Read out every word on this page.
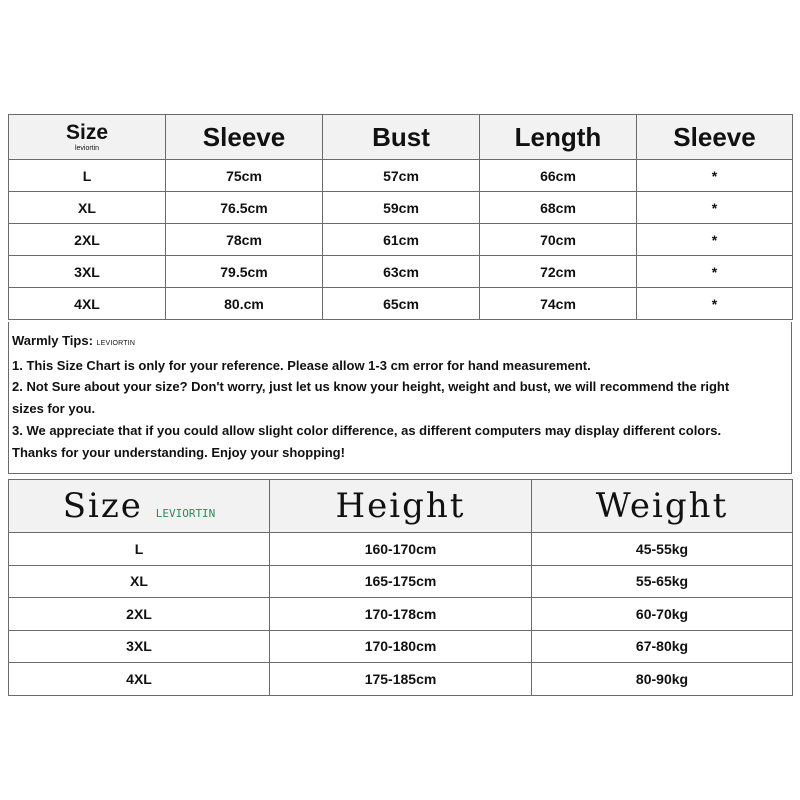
Size
leviortin	Sleeve	Bust	Length	Sleeve
L	75cm	57cm	66cm	*
XL	76.5cm	59cm	68cm	*
2XL	78cm	61cm	70cm	*
3XL	79.5cm	63cm	72cm	*
4XL	80.cm	65cm	74cm	*
Warmly Tips: LEVIORTIN
1. This Size Chart is only for your reference. Please allow 1-3 cm error for hand measurement.
2. Not Sure about your size? Don't worry, just let us know your height, weight and bust, we will recommend the right
sizes for you.
3. We appreciate that if you could allow slight color difference, as different computers may display different colors.
Thanks for your understanding. Enjoy your shopping!
Size LEVIORTIN	Height	Weight
L	160-170cm	45-55kg
XL	165-175cm	55-65kg
2XL	170-178cm	60-70kg
3XL	170-180cm	67-80kg
4XL	175-185cm	80-90kg
